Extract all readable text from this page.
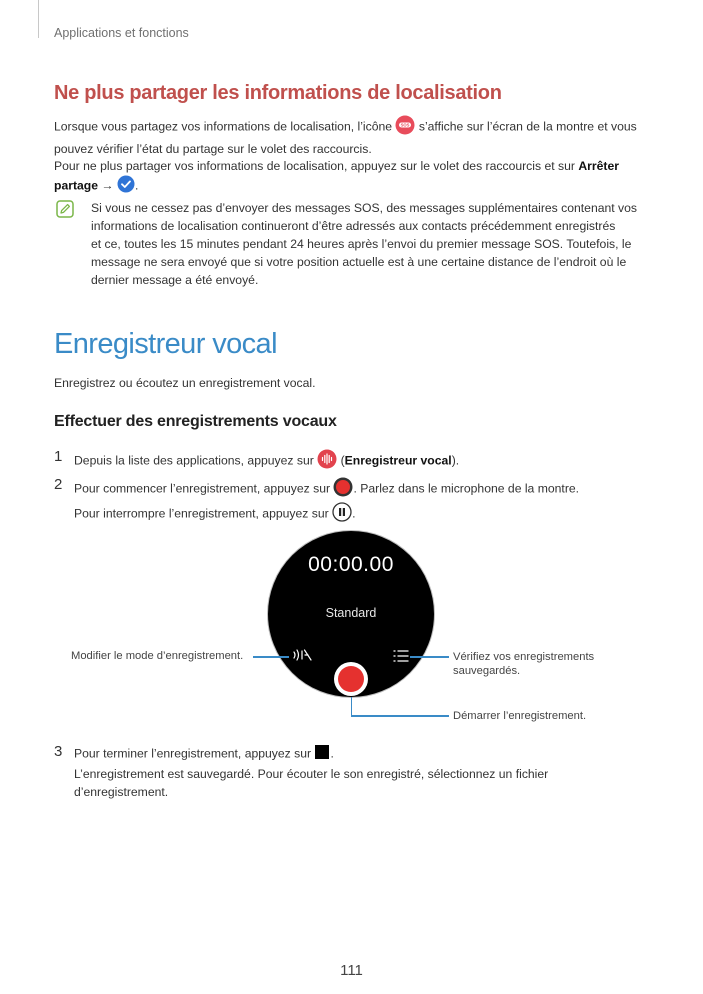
Applications et fonctions
Ne plus partager les informations de localisation
Lorsque vous partagez vos informations de localisation, l’icône SOS s’affiche sur l’écran de la montre et vous
pouvez vérifier l’état du partage sur le volet des raccourcis.
Pour ne plus partager vos informations de localisation, appuyez sur le volet des raccourcis et sur Arrêter
partage → .
Si vous ne cessez pas d’envoyer des messages SOS, des messages supplémentaires contenant vos
informations de localisation continueront d’être adressés aux contacts précédemment enregistrés
et ce, toutes les 15 minutes pendant 24 heures après l’envoi du premier message SOS. Toutefois, le
message ne sera envoyé que si votre position actuelle est à une certaine distance de l’endroit où le
dernier message a été envoyé.
Enregistreur vocal
Enregistrez ou écoutez un enregistrement vocal.
Effectuer des enregistrements vocaux
1 Depuis la liste des applications, appuyez sur (Enregistreur vocal).
2 Pour commencer l’enregistrement, appuyez sur . Parlez dans le microphone de la montre.
Pour interrompre l’enregistrement, appuyez sur .
00:00.00
Standard
Modifier le mode d’enregistrement.	Vérifiez vos enregistrements
sauvegardés.
Démarrer l’enregistrement.
3 Pour terminer l’enregistrement, appuyez sur .
L’enregistrement est sauvegardé. Pour écouter le son enregistré, sélectionnez un fichier
d’enregistrement.
111
